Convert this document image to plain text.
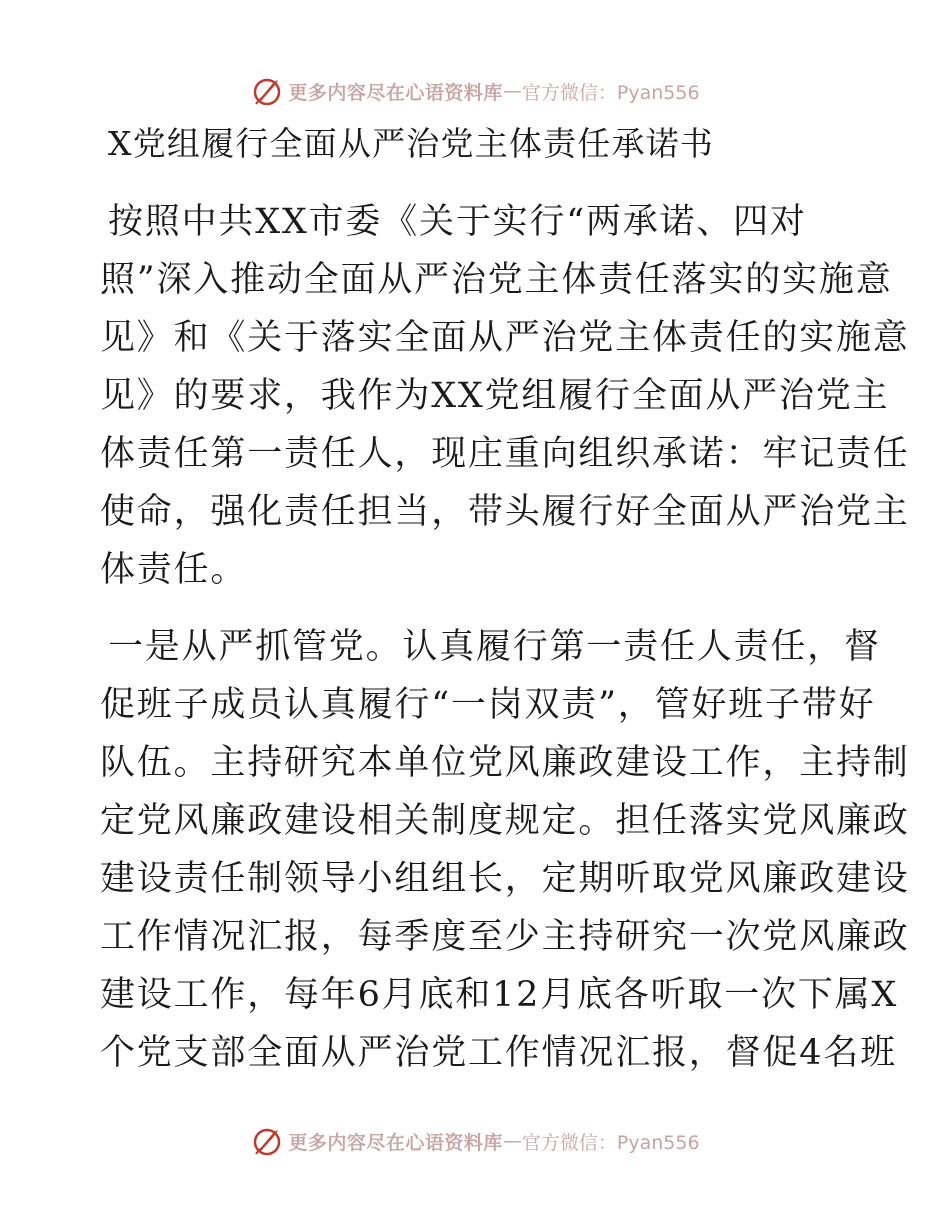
更多内容尽在心语资料库 — 官方微信：Pyan556
X党组履行全面从严治党主体责任承诺书
按照中共XX市委《关于实行“两承诺、四对
照”深入推动全面从严治党主体责任落实的实施意
见》和《关于落实全面从严治党主体责任的实施意
见》的要求，我作为XX党组履行全面从严治党主
体责任第一责任人，现庄重向组织承诺：牢记责任
使命，强化责任担当，带头履行好全面从严治党主
体责任。
一是从严抓管党。认真履行第一责任人责任，督
促班子成员认真履行“一岗双责”，管好班子带好
队伍。主持研究本单位党风廉政建设工作，主持制
定党风廉政建设相关制度规定。担任落实党风廉政
建设责任制领导小组组长，定期听取党风廉政建设
工作情况汇报，每季度至少主持研究一次党风廉政
建设工作，每年6月底和12月底各听取一次下属X
个党支部全面从严治党工作情况汇报，督促4名班
更多内容尽在心语资料库 — 官方微信：Pyan556
